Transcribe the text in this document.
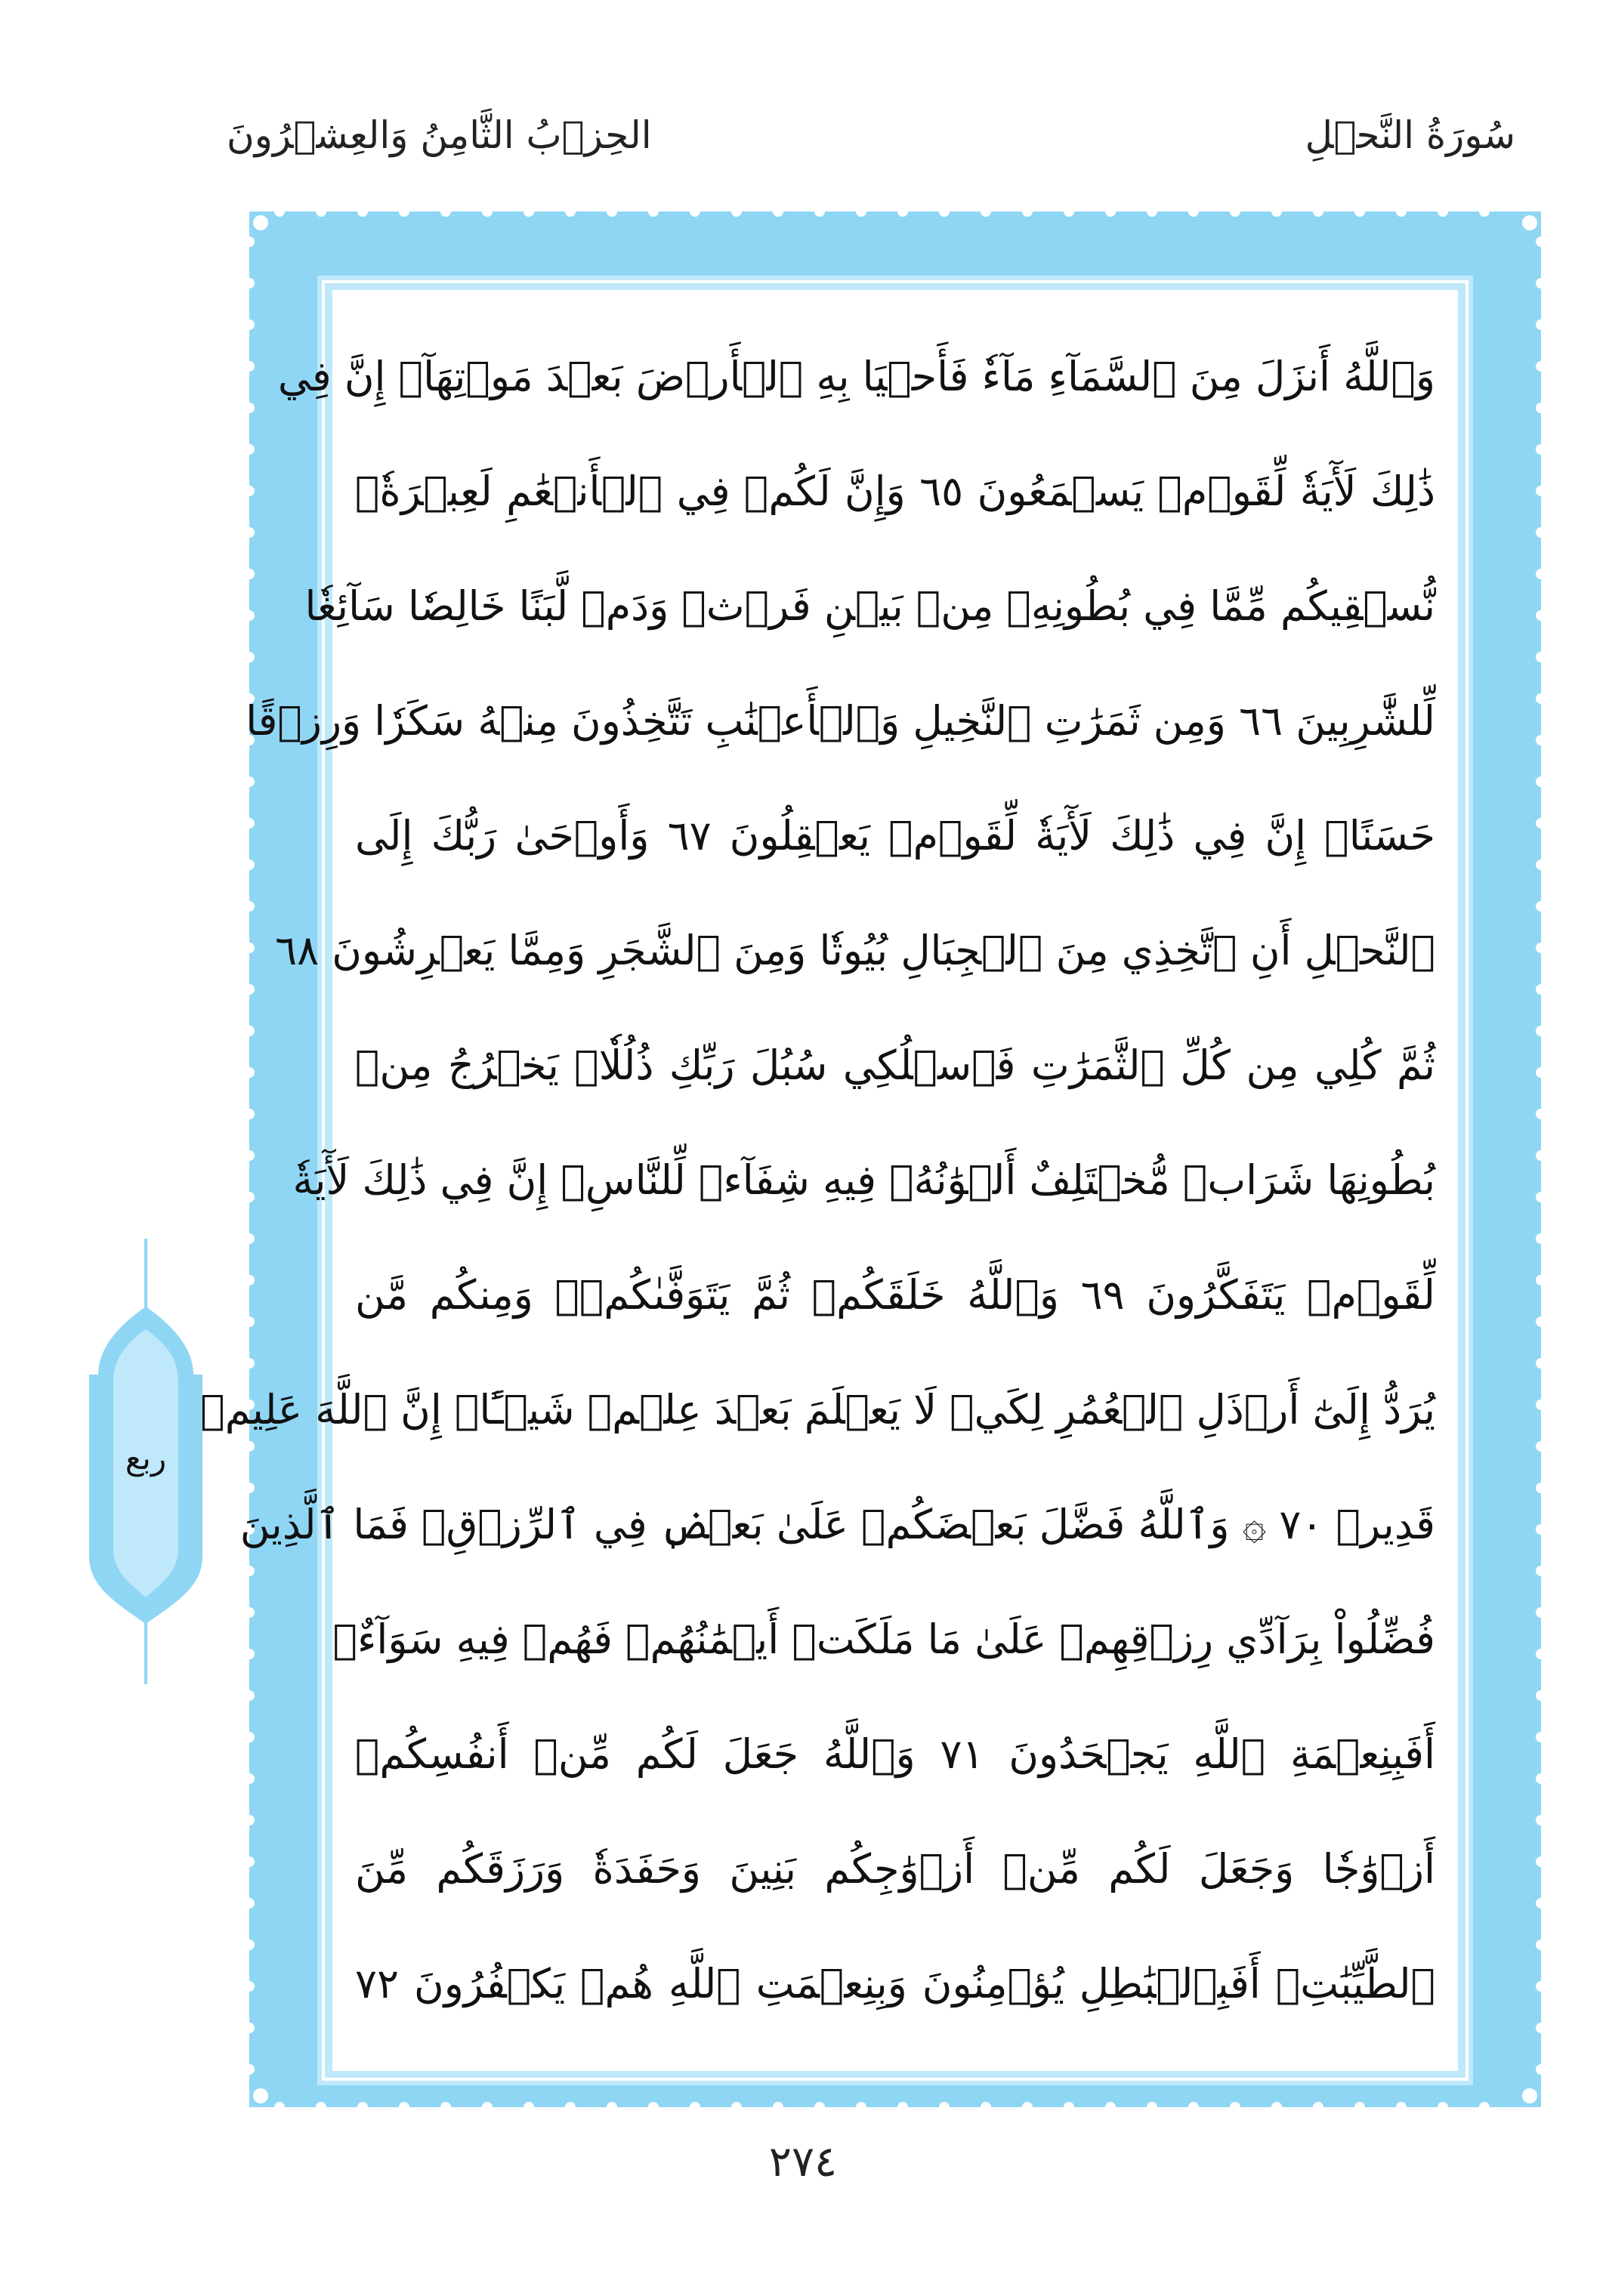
الحِزۡبُ الثَّامِنُ وَالعِشۡرُونَ	سُورَةُ النَّحۡلِ
ربع
وَٱللَّهُ أَنزَلَ مِنَ ٱلسَّمَآءِ مَآءٗ فَأَحۡيَا بِهِ ٱلۡأَرۡضَ بَعۡدَ مَوۡتِهَآۚ إِنَّ فِي
ذَٰلِكَ لَأٓيَةٗ لِّقَوۡمٖ يَسۡمَعُونَ ٦٥ وَإِنَّ لَكُمۡ فِي ٱلۡأَنۡعَٰمِ لَعِبۡرَةٗۖ
نُّسۡقِيكُم مِّمَّا فِي بُطُونِهِۦ مِنۢ بَيۡنِ فَرۡثٖ وَدَمٖ لَّبَنًا خَالِصٗا سَآئِغٗا
لِّلشَّٰرِبِينَ ٦٦ وَمِن ثَمَرَٰتِ ٱلنَّخِيلِ وَٱلۡأَعۡنَٰبِ تَتَّخِذُونَ مِنۡهُ سَكَرٗا وَرِزۡقًا
حَسَنًاۚ إِنَّ فِي ذَٰلِكَ لَأٓيَةٗ لِّقَوۡمٖ يَعۡقِلُونَ ٦٧ وَأَوۡحَىٰ رَبُّكَ إِلَى
ٱلنَّحۡلِ أَنِ ٱتَّخِذِي مِنَ ٱلۡجِبَالِ بُيُوتٗا وَمِنَ ٱلشَّجَرِ وَمِمَّا يَعۡرِشُونَ ٦٨
ثُمَّ كُلِي مِن كُلِّ ٱلثَّمَرَٰتِ فَٱسۡلُكِي سُبُلَ رَبِّكِ ذُلُلٗاۚ يَخۡرُجُ مِنۢ
بُطُونِهَا شَرَابٞ مُّخۡتَلِفٌ أَلۡوَٰنُهُۥ فِيهِ شِفَآءٞ لِّلنَّاسِۚ إِنَّ فِي ذَٰلِكَ لَأٓيَةٗ
لِّقَوۡمٖ يَتَفَكَّرُونَ ٦٩ وَٱللَّهُ خَلَقَكُمۡ ثُمَّ يَتَوَفَّىٰكُمۡۚ وَمِنكُم مَّن
يُرَدُّ إِلَىٰٓ أَرۡذَلِ ٱلۡعُمُرِ لِكَيۡ لَا يَعۡلَمَ بَعۡدَ عِلۡمٖ شَيۡـًٔاۚ إِنَّ ٱللَّهَ عَلِيمٞ
قَدِيرٞ ٧٠ ۞ وَٱللَّهُ فَضَّلَ بَعۡضَكُمۡ عَلَىٰ بَعۡضٖ فِي ٱلرِّزۡقِۚ فَمَا ٱلَّذِينَ
فُضِّلُواْ بِرَآدِّي رِزۡقِهِمۡ عَلَىٰ مَا مَلَكَتۡ أَيۡمَٰنُهُمۡ فَهُمۡ فِيهِ سَوَآءٌۚ
أَفَبِنِعۡمَةِ ٱللَّهِ يَجۡحَدُونَ ٧١ وَٱللَّهُ جَعَلَ لَكُم مِّنۡ أَنفُسِكُمۡ
أَزۡوَٰجٗا وَجَعَلَ لَكُم مِّنۡ أَزۡوَٰجِكُم بَنِينَ وَحَفَدَةٗ وَرَزَقَكُم مِّنَ
ٱلطَّيِّبَٰتِۚ أَفَبِٱلۡبَٰطِلِ يُؤۡمِنُونَ وَبِنِعۡمَتِ ٱللَّهِ هُمۡ يَكۡفُرُونَ ٧٢
٢٧٤
